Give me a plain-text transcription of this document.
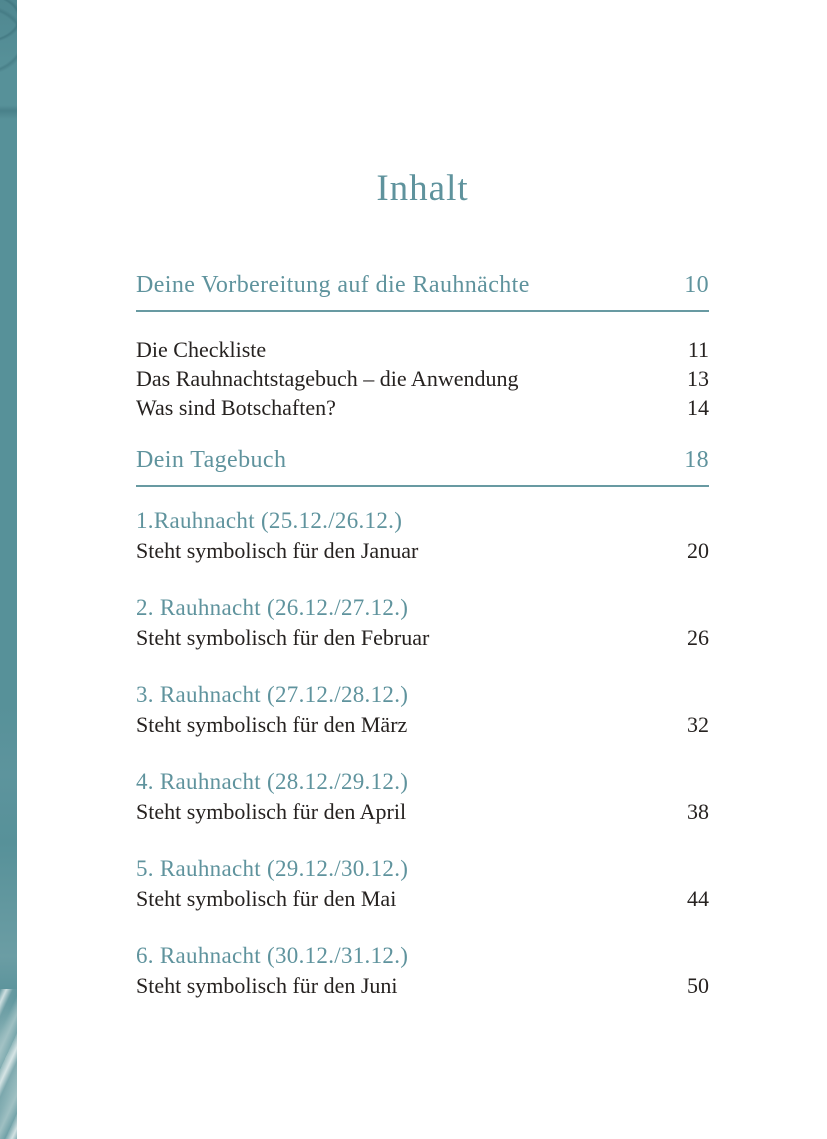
Inhalt
Deine Vorbereitung auf die Rauhnächte	10
Die Checkliste	11
Das Rauhnachtstagebuch – die Anwendung	13
Was sind Botschaften?	14
Dein Tagebuch	18
1.Rauhnacht (25.12./26.12.)
Steht symbolisch für den Januar	20
2. Rauhnacht (26.12./27.12.)
Steht symbolisch für den Februar	26
3. Rauhnacht (27.12./28.12.)
Steht symbolisch für den März	32
4. Rauhnacht (28.12./29.12.)
Steht symbolisch für den April	38
5. Rauhnacht (29.12./30.12.)
Steht symbolisch für den Mai	44
6. Rauhnacht (30.12./31.12.)
Steht symbolisch für den Juni	50
